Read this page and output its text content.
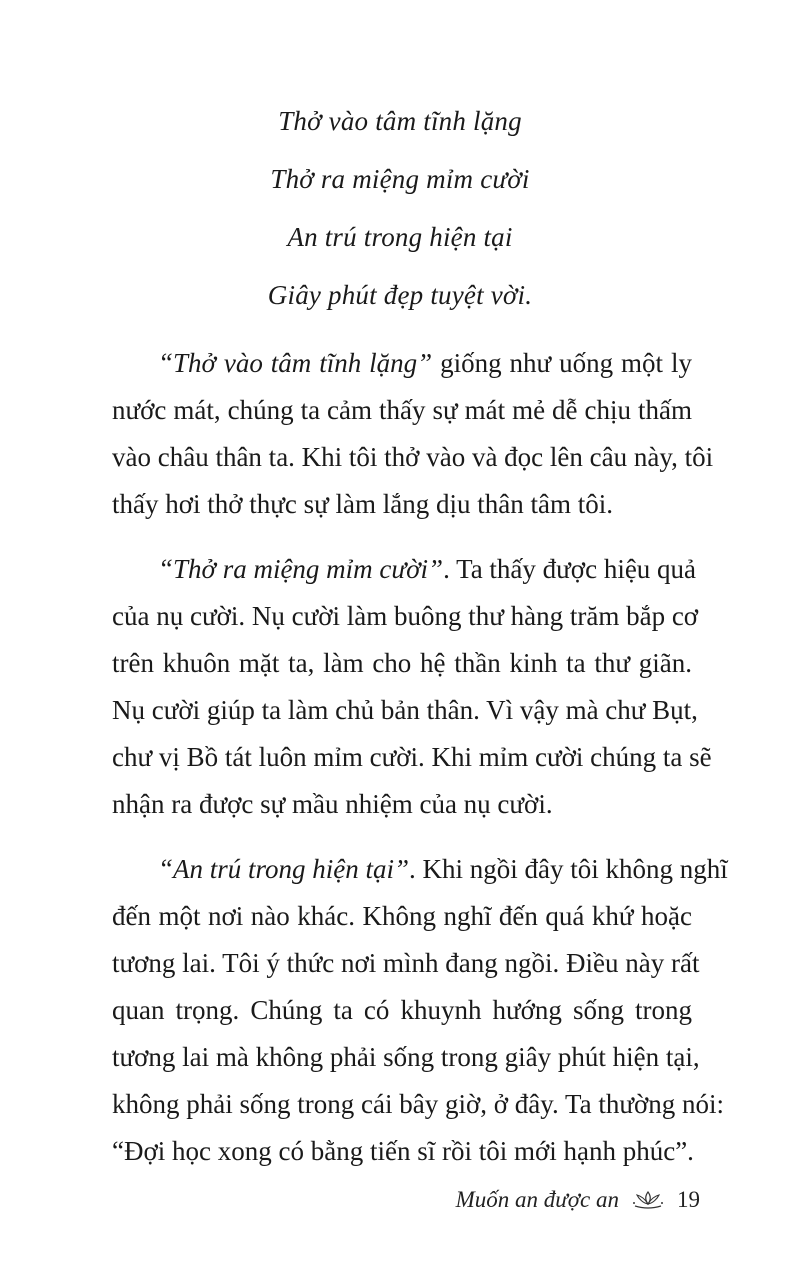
Thở vào tâm tĩnh lặng
Thở ra miệng mỉm cười
An trú trong hiện tại
Giây phút đẹp tuyệt vời.

“Thở vào tâm tĩnh lặng” giống như uống một ly
nước mát, chúng ta cảm thấy sự mát mẻ dễ chịu thấm
vào châu thân ta. Khi tôi thở vào và đọc lên câu này, tôi
thấy hơi thở thực sự làm lắng dịu thân tâm tôi.

“Thở ra miệng mỉm cười”. Ta thấy được hiệu quả
của nụ cười. Nụ cười làm buông thư hàng trăm bắp cơ
trên khuôn mặt ta, làm cho hệ thần kinh ta thư giãn.
Nụ cười giúp ta làm chủ bản thân. Vì vậy mà chư Bụt,
chư vị Bồ tát luôn mỉm cười. Khi mỉm cười chúng ta sẽ
nhận ra được sự mầu nhiệm của nụ cười.

“An trú trong hiện tại”. Khi ngồi đây tôi không nghĩ
đến một nơi nào khác. Không nghĩ đến quá khứ hoặc
tương lai. Tôi ý thức nơi mình đang ngồi. Điều này rất
quan trọng. Chúng ta có khuynh hướng sống trong
tương lai mà không phải sống trong giây phút hiện tại,
không phải sống trong cái bây giờ, ở đây. Ta thường nói:
“Đợi học xong có bằng tiến sĩ rồi tôi mới hạnh phúc”.

Muốn an được an	19
